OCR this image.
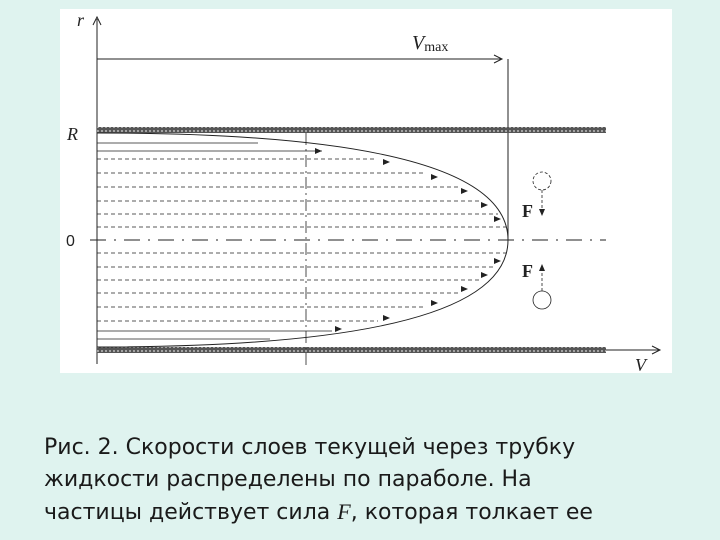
r
V
Vmax
R
0
F
F

Рис. 2. Скорости слоев текущей через трубку
жидкости распределены по параболе. На
частицы действует сила F, которая толкает ее
